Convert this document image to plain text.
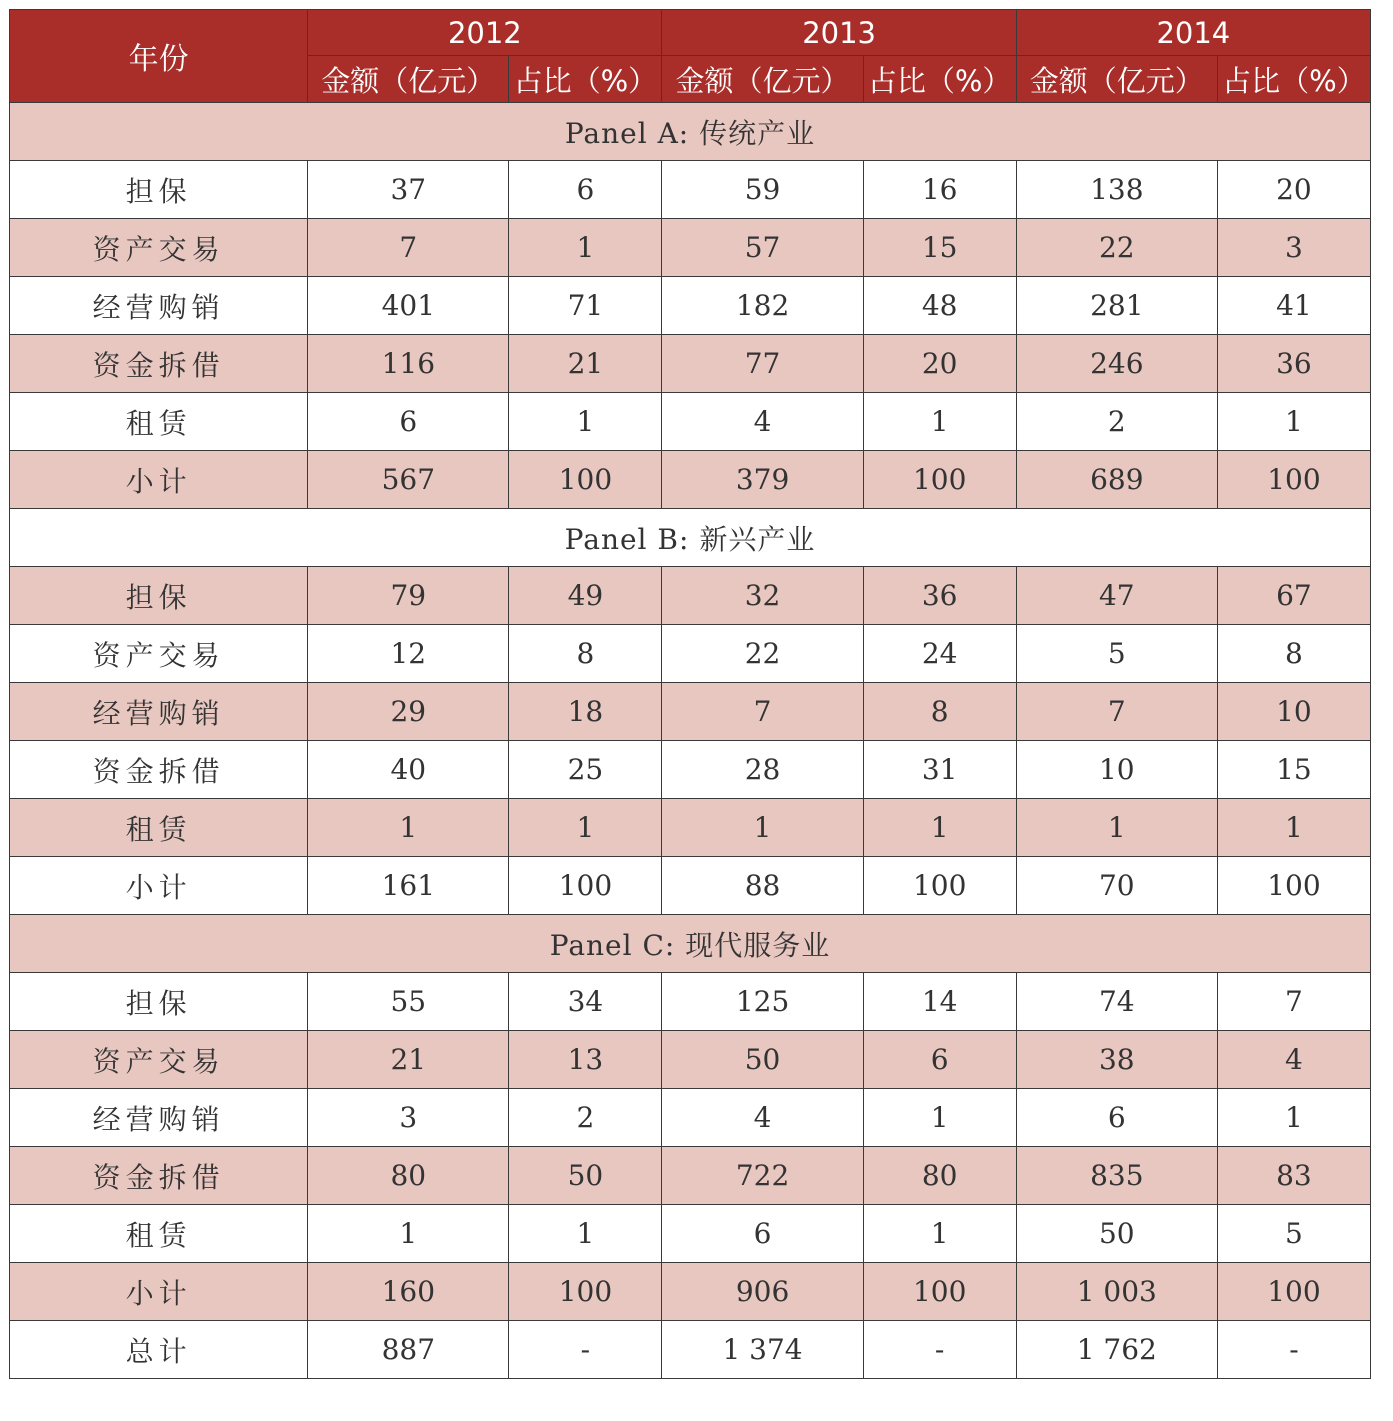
年份	2012		2013		2014	
	金额（亿元）	占比（%）	金额（亿元）	占比（%）	金额（亿元）	占比（%）
Panel A: 传统产业						
担保	37	6	59	16	138	20
资产交易	7	1	57	15	22	3
经营购销	401	71	182	48	281	41
资金拆借	116	21	77	20	246	36
租赁	6	1	4	1	2	1
小计	567	100	379	100	689	100
Panel B: 新兴产业						
担保	79	49	32	36	47	67
资产交易	12	8	22	24	5	8
经营购销	29	18	7	8	7	10
资金拆借	40	25	28	31	10	15
租赁	1	1	1	1	1	1
小计	161	100	88	100	70	100
Panel C: 现代服务业						
担保	55	34	125	14	74	7
资产交易	21	13	50	6	38	4
经营购销	3	2	4	1	6	1
资金拆借	80	50	722	80	835	83
租赁	1	1	6	1	50	5
小计	160	100	906	100	1 003	100
总计	887	-	1 374	-	1 762	-
